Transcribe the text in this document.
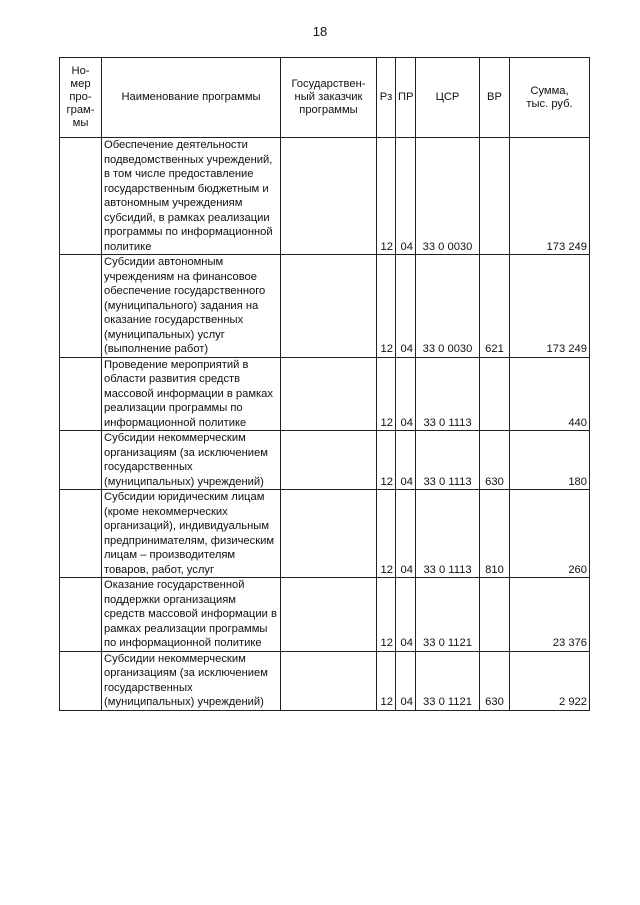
18
Но-
мер
про-
грам-
мы	Наименование программы	Государствен-
ный заказчик
программы	Рз	ПР	ЦСР	ВР	Сумма,
тыс. руб.
	Обеспечение деятельности подведомственных учреждений, в том числе предоставление государственным бюджетным и автономным учреждениям субсидий, в рамках реализации программы по информационной политике		12	04	33 0 0030		173 249
	Субсидии автономным учреждениям на финансовое обеспечение государственного (муниципального) задания на оказание государственных (муниципальных) услуг (выполнение работ)		12	04	33 0 0030	621	173 249
	Проведение мероприятий в области развития средств массовой информации в рамках реализации программы по информационной политике		12	04	33 0 1113		440
	Субсидии некоммерческим организациям (за исключением государственных (муниципальных) учреждений)		12	04	33 0 1113	630	180
	Субсидии юридическим лицам (кроме некоммерческих организаций), индивидуальным предпринимателям, физическим лицам – производителям товаров, работ, услуг		12	04	33 0 1113	810	260
	Оказание государственной поддержки организациям средств массовой информации в рамках реализации программы по информационной политике		12	04	33 0 1121		23 376
	Субсидии некоммерческим организациям (за исключением государственных (муниципальных) учреждений)		12	04	33 0 1121	630	2 922
